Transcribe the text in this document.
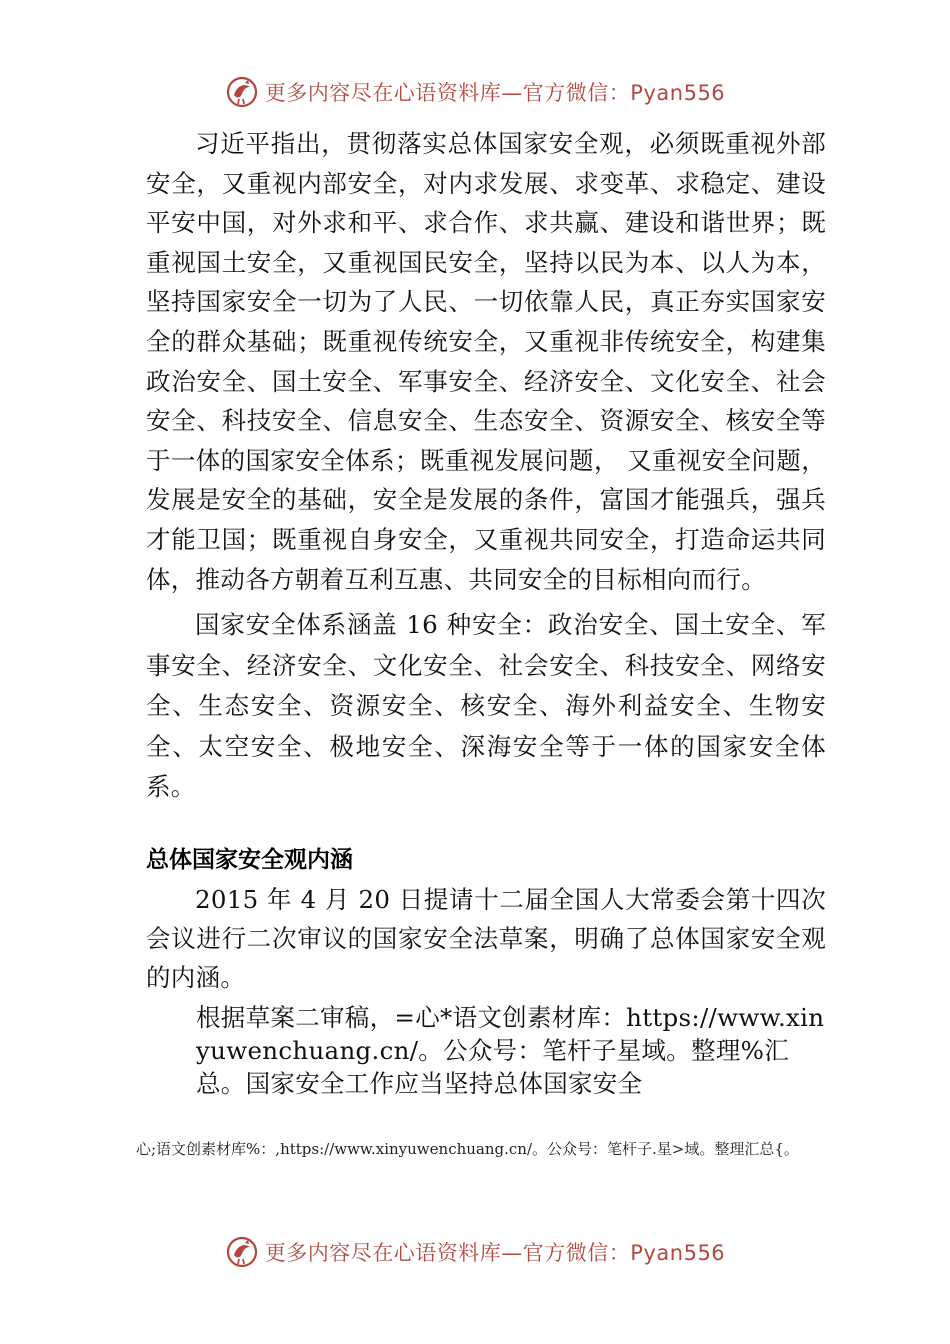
更多内容尽在心语资料库—官方微信：Pyan556

习近平指出，贯彻落实总体国家安全观，必须既重视外部安全，又重视内部安全，对内求发展、求变革、求稳定、建设平安中国，对外求和平、求合作、求共赢、建设和谐世界；既重视国土安全，又重视国民安全，坚持以民为本、以人为本，坚持国家安全一切为了人民、一切依靠人民，真正夯实国家安全的群众基础；既重视传统安全，又重视非传统安全，构建集政治安全、国土安全、军事安全、经济安全、文化安全、社会安全、科技安全、信息安全、生态安全、资源安全、核安全等于一体的国家安全体系；既重视发展问题， 又重视安全问题，发展是安全的基础，安全是发展的条件，富国才能强兵，强兵才能卫国；既重视自身安全，又重视共同安全，打造命运共同体，推动各方朝着互利互惠、共同安全的目标相向而行。

国家安全体系涵盖 16 种安全：政治安全、国土安全、军事安全、经济安全、文化安全、社会安全、科技安全、网络安全、生态安全、资源安全、核安全、海外利益安全、生物安全、太空安全、极地安全、深海安全等于一体的国家安全体系。

总体国家安全观内涵

2015 年 4 月 20 日提请十二届全国人大常委会第十四次会议进行二次审议的国家安全法草案，明确了总体国家安全观的内涵。

根据草案二审稿，=心*语文创素材库：https://www.xinyuwenchuang.cn/。公众号：笔杆子星域。整理%汇总。国家安全工作应当坚持总体国家安全

心;语文创素材库%：,https://www.xinyuwenchuang.cn/。公众号：笔杆子.星>域。整理汇总{。

更多内容尽在心语资料库—官方微信：Pyan556
